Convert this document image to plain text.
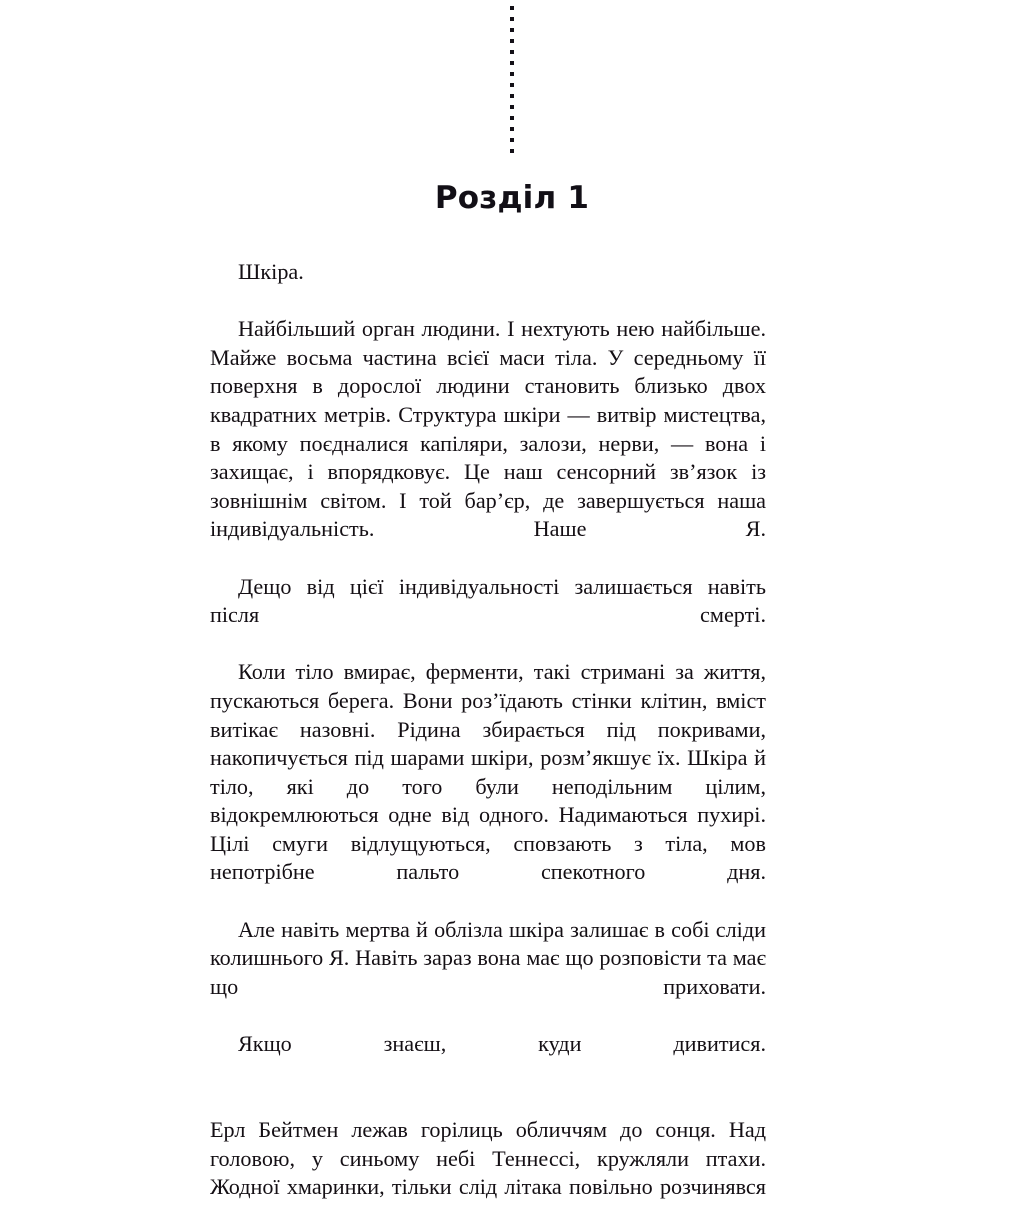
Розділ 1

Шкіра.

Найбільший орган людини. І нехтують нею найбільше. Майже восьма частина всієї маси тіла. У середньому її поверхня в дорослої людини становить близько двох квадратних метрів. Структура шкіри — витвір мистецтва, в якому поєдналися капіляри, залози, нерви, — вона і захищає, і впорядковує. Це наш сенсорний зв’язок із зовнішнім світом. І той бар’єр, де завершується наша індивідуальність. Наше Я.

Дещо від цієї індивідуальності залишається навіть після смерті.

Коли тіло вмирає, ферменти, такі стримані за життя, пускаються берега. Вони роз’їдають стінки клітин, вміст витікає назовні. Рідина збирається під покривами, накопичується під шарами шкіри, розм’якшує їх. Шкіра й тіло, які до того були неподільним цілим, відокремлюються одне від одного. Надимаються пухирі. Цілі смуги відлущуються, сповзають з тіла, мов непотрібне пальто спекотного дня.

Але навіть мертва й облізла шкіра залишає в собі сліди колишнього Я. Навіть зараз вона має що розповісти та має що приховати.

Якщо знаєш, куди дивитися.

Ерл Бейтмен лежав горілиць обличчям до сонця. Над головою, у синьому небі Теннессі, кружляли птахи. Жодної хмаринки, тільки слід літака повільно розчинявся
